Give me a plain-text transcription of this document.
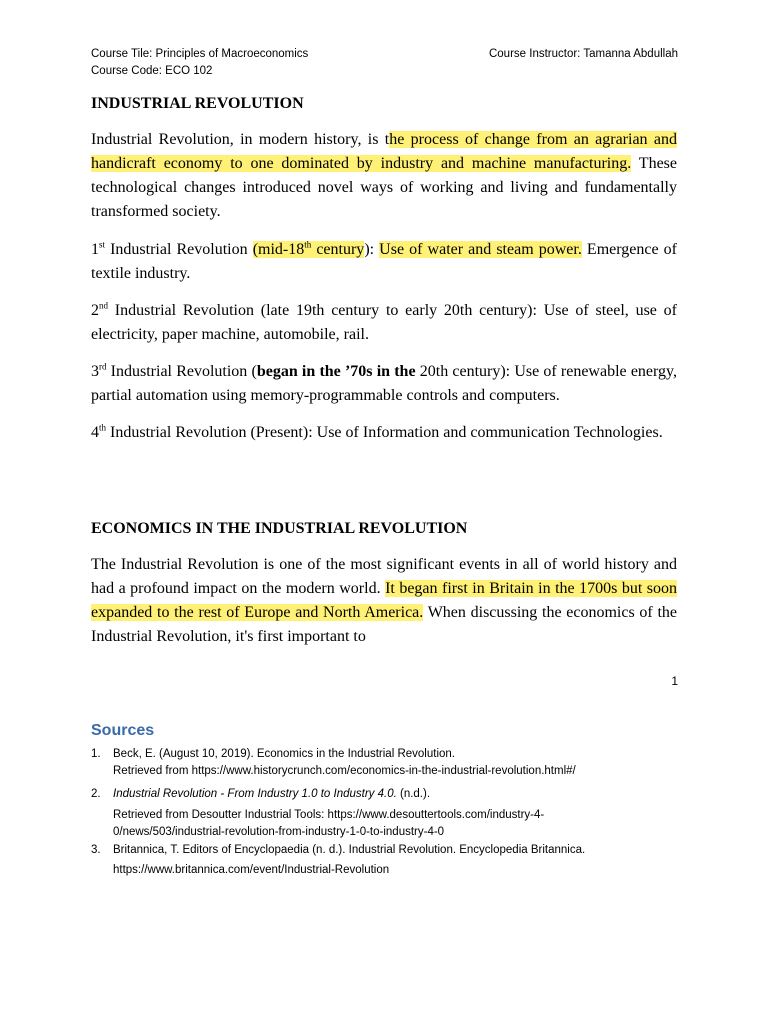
Course Tile: Principles of Macroeconomics
Course Code: ECO 102
Course Instructor: Tamanna Abdullah
INDUSTRIAL REVOLUTION
Industrial Revolution, in modern history, is the process of change from an agrarian and handicraft economy to one dominated by industry and machine manufacturing. These technological changes introduced novel ways of working and living and fundamentally transformed society.
1st Industrial Revolution (mid-18th century): Use of water and steam power. Emergence of textile industry.
2nd Industrial Revolution (late 19th century to early 20th century): Use of steel, use of electricity, paper machine, automobile, rail.
3rd Industrial Revolution (began in the ’70s in the 20th century): Use of renewable energy, partial automation using memory-programmable controls and computers.
4th Industrial Revolution (Present): Use of Information and communication Technologies.
ECONOMICS IN THE INDUSTRIAL REVOLUTION
The Industrial Revolution is one of the most significant events in all of world history and had a profound impact on the modern world. It began first in Britain in the 1700s but soon expanded to the rest of Europe and North America. When discussing the economics of the Industrial Revolution, it's first important to
1
Sources
1. Beck, E. (August 10, 2019). Economics in the Industrial Revolution.
Retrieved from https://www.historycrunch.com/economics-in-the-industrial-revolution.html#/
2. Industrial Revolution - From Industry 1.0 to Industry 4.0. (n.d.).
Retrieved from Desoutter Industrial Tools: https://www.desouttertools.com/industry-4-
0/news/503/industrial-revolution-from-industry-1-0-to-industry-4-0
3. Britannica, T. Editors of Encyclopaedia (n. d.). Industrial Revolution. Encyclopedia Britannica.
https://www.britannica.com/event/Industrial-Revolution
